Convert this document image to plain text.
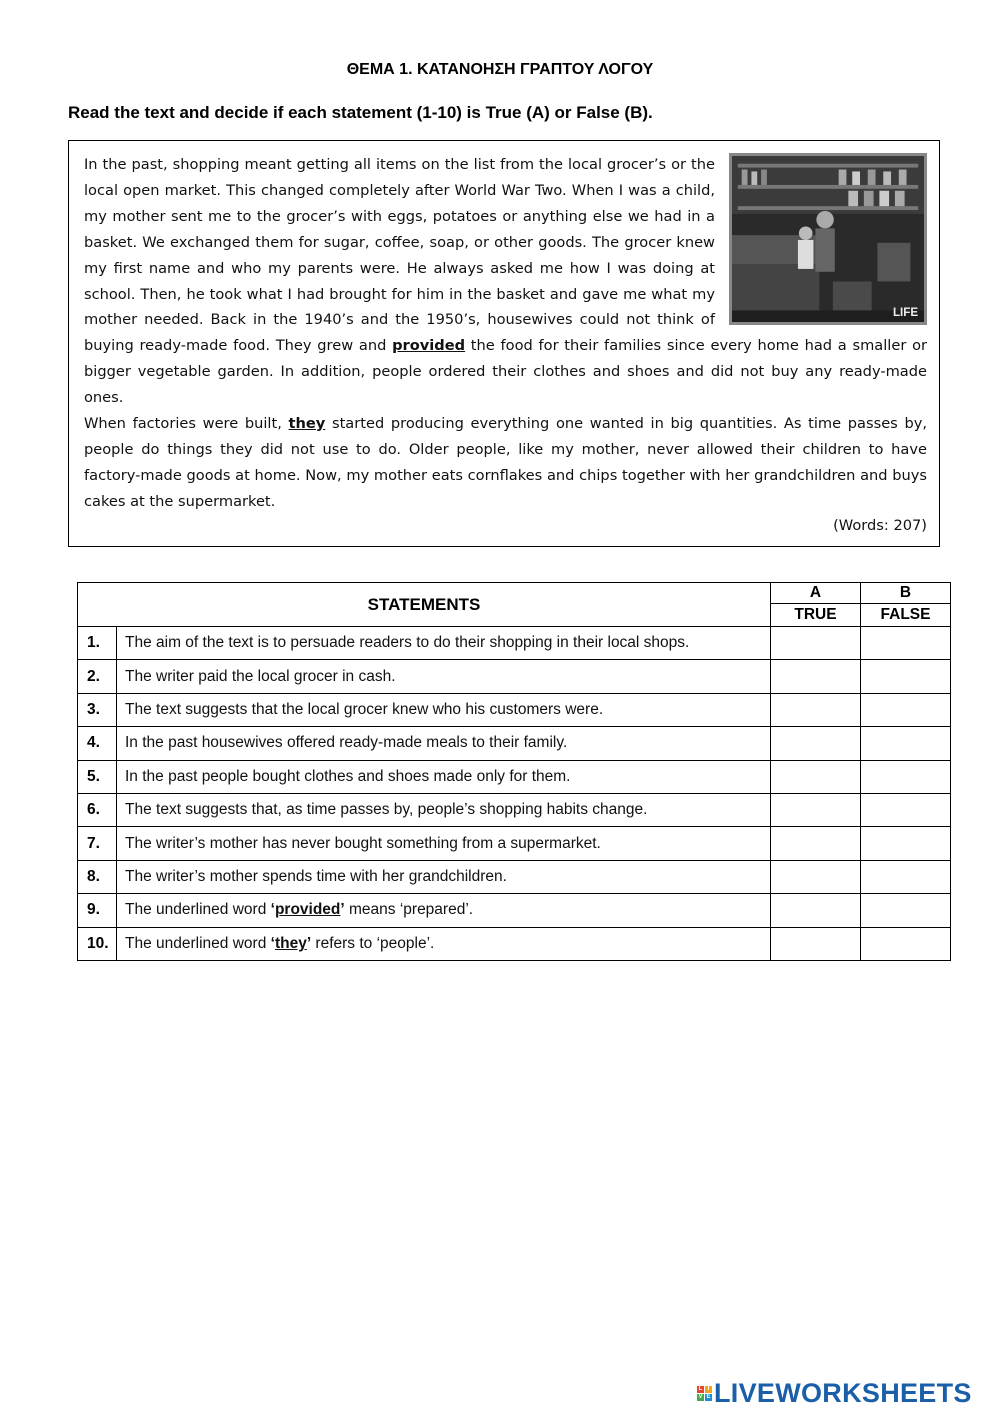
ΘΕΜΑ 1. ΚΑΤΑΝΟΗΣΗ ΓΡΑΠΤΟΥ ΛΟΓΟΥ
Read the text and decide if each statement (1-10) is True (A) or False (B).
LIFE

In the past, shopping meant getting all items on the list from the local grocer’s or the local open market. This changed completely after World War Two. When I was a child, my mother sent me to the grocer’s with eggs, potatoes or anything else we had in a basket. We exchanged them for sugar, coffee, soap, or other goods. The grocer knew my first name and who my parents were. He always asked me how I was doing at school. Then, he took what I had brought for him in the basket and gave me what my mother needed. Back in the 1940’s and the 1950’s, housewives could not think of buying ready-made food. They grew and provided the food for their families since every home had a smaller or bigger vegetable garden. In addition, people ordered their clothes and shoes and did not buy any ready-made ones.

When factories were built, they started producing everything one wanted in big quantities. As time passes by, people do things they did not use to do. Older people, like my mother, never allowed their children to have factory-made goods at home. Now, my mother eats cornflakes and chips together with her grandchildren and buys cakes at the supermarket.

(Words: 207)
STATEMENTS		A	B
		TRUE	FALSE
1.	The aim of the text is to persuade readers to do their shopping in their local shops.		
2.	The writer paid the local grocer in cash.		
3.	The text suggests that the local grocer knew who his customers were.		
4.	In the past housewives offered ready-made meals to their family.		
5.	In the past people bought clothes and shoes made only for them.		
6.	The text suggests that, as time passes by, people’s shopping habits change.		
7.	The writer’s mother has never bought something from a supermarket.		
8.	The writer’s mother spends time with her grandchildren.		
9.	The underlined word ‘provided’ means ‘prepared’.		
10.	The underlined word ‘they’ refers to ‘people’.		
L I
V E LIVEWORKSHEETS
